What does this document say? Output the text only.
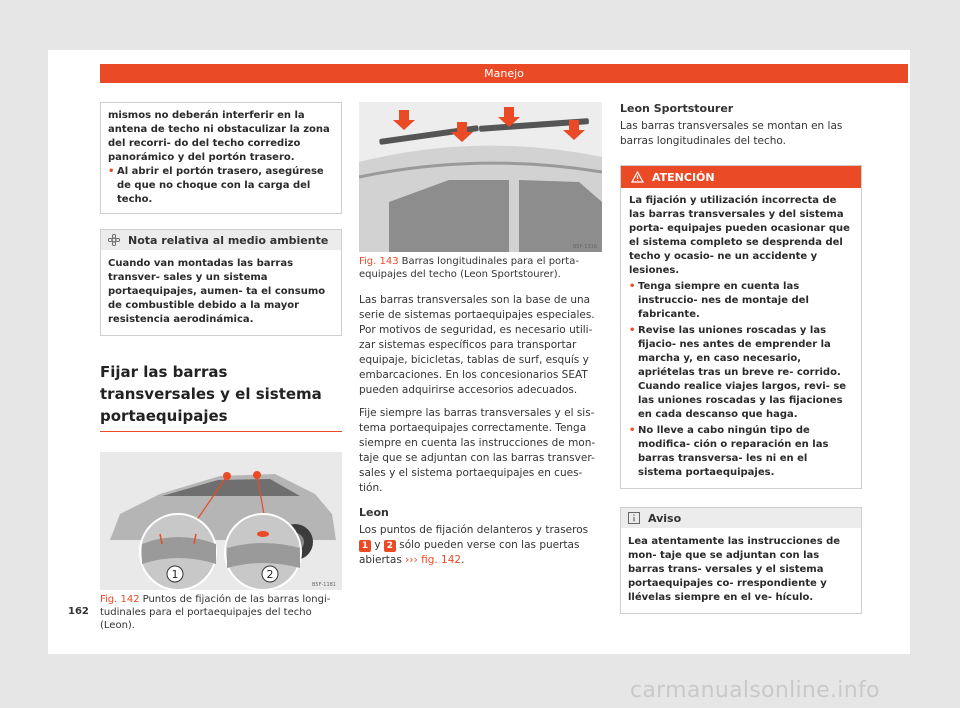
Manejo
mismos no deberán interferir en la antena de techo ni obstaculizar la zona del recorri- do del techo corredizo panorámico y del portón trasero.
• Al abrir el portón trasero, asegúrese de que no choque con la carga del techo.
Nota relativa al medio ambiente
Cuando van montadas las barras transver- sales y un sistema portaequipajes, aumen- ta el consumo de combustible debido a la mayor resistencia aerodinámica.
Fijar las barras transversales y el sistema portaequipajes
1	2
B5F-1181
Fig. 142 Puntos de fijación de las barras longi- tudinales para el portaequipajes del techo (Leon).
B5F-1316
Fig. 143 Barras longitudinales para el porta- equipajes del techo (Leon Sportstourer).
Las barras transversales son la base de una serie de sistemas portaequipajes especiales. Por motivos de seguridad, es necesario utili- zar sistemas específicos para transportar equipaje, bicicletas, tablas de surf, esquís y embarcaciones. En los concesionarios SEAT pueden adquirirse accesorios adecuados.
Fije siempre las barras transversales y el sis- tema portaequipajes correctamente. Tenga siempre en cuenta las instrucciones de mon- taje que se adjuntan con las barras transver- sales y el sistema portaequipajes en cues- tión.
Leon
Los puntos de fijación delanteros y traseros 1 y 2 sólo pueden verse con las puertas abiertas ››› fig. 142.
Leon Sportstourer
Las barras transversales se montan en las barras longitudinales del techo.
ATENCIÓN
La fijación y utilización incorrecta de las barras transversales y del sistema porta- equipajes pueden ocasionar que el sistema completo se desprenda del techo y ocasio- ne un accidente y lesiones.
• Tenga siempre en cuenta las instruccio- nes de montaje del fabricante.
• Revise las uniones roscadas y las fijacio- nes antes de emprender la marcha y, en caso necesario, apriételas tras un breve re- corrido. Cuando realice viajes largos, revi- se las uniones roscadas y las fijaciones en cada descanso que haga.
• No lleve a cabo ningún tipo de modifica- ción o reparación en las barras transversa- les ni en el sistema portaequipajes.
Aviso
Lea atentamente las instrucciones de mon- taje que se adjuntan con las barras trans- versales y el sistema portaequipajes co- rrespondiente y llévelas siempre en el ve- hículo.
162
carmanualsonline.info
